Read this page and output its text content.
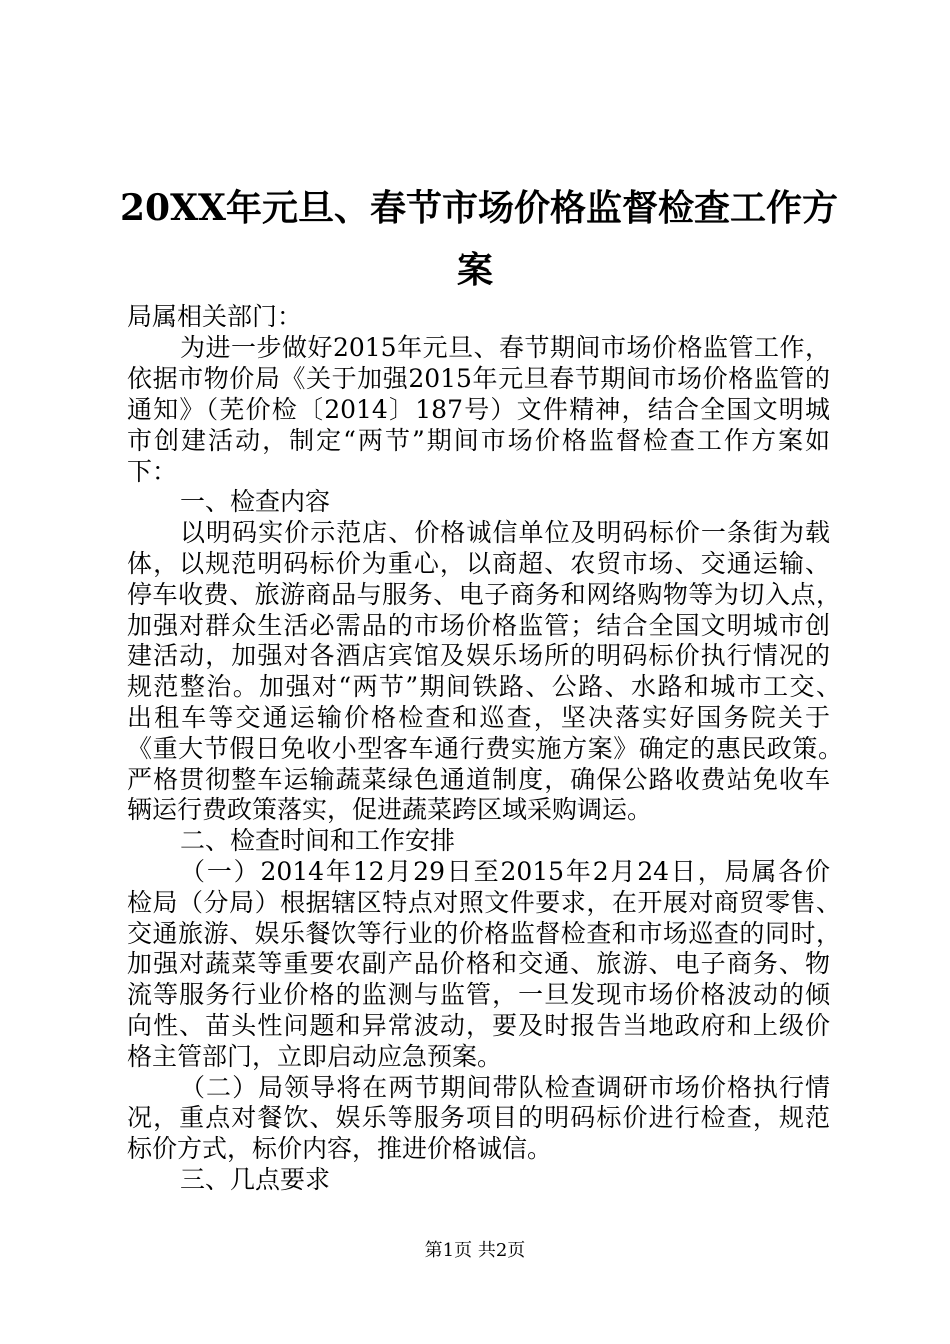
20XX年元旦、春节市场价格监督检查工作方
案
局属相关部门：
为进一步做好2015年元旦、春节期间市场价格监管工作，
依据市物价局《关于加强2015年元旦春节期间市场价格监管的
通知》（芜价检〔2014〕187号）文件精神，结合全国文明城
市创建活动，制定“两节”期间市场价格监督检查工作方案如
下：
一、检查内容
以明码实价示范店、价格诚信单位及明码标价一条街为载
体，以规范明码标价为重心，以商超、农贸市场、交通运输、
停车收费、旅游商品与服务、电子商务和网络购物等为切入点，
加强对群众生活必需品的市场价格监管；结合全国文明城市创
建活动，加强对各酒店宾馆及娱乐场所的明码标价执行情况的
规范整治。加强对“两节”期间铁路、公路、水路和城市工交、
出租车等交通运输价格检查和巡查，坚决落实好国务院关于
《重大节假日免收小型客车通行费实施方案》确定的惠民政策。
严格贯彻整车运输蔬菜绿色通道制度，确保公路收费站免收车
辆运行费政策落实，促进蔬菜跨区域采购调运。
二、检查时间和工作安排
（一）2014年12月29日至2015年2月24日，局属各价
检局（分局）根据辖区特点对照文件要求，在开展对商贸零售、
交通旅游、娱乐餐饮等行业的价格监督检查和市场巡查的同时，
加强对蔬菜等重要农副产品价格和交通、旅游、电子商务、物
流等服务行业价格的监测与监管，一旦发现市场价格波动的倾
向性、苗头性问题和异常波动，要及时报告当地政府和上级价
格主管部门，立即启动应急预案。
（二）局领导将在两节期间带队检查调研市场价格执行情
况，重点对餐饮、娱乐等服务项目的明码标价进行检查，规范
标价方式，标价内容，推进价格诚信。
三、几点要求
第1页 共2页
